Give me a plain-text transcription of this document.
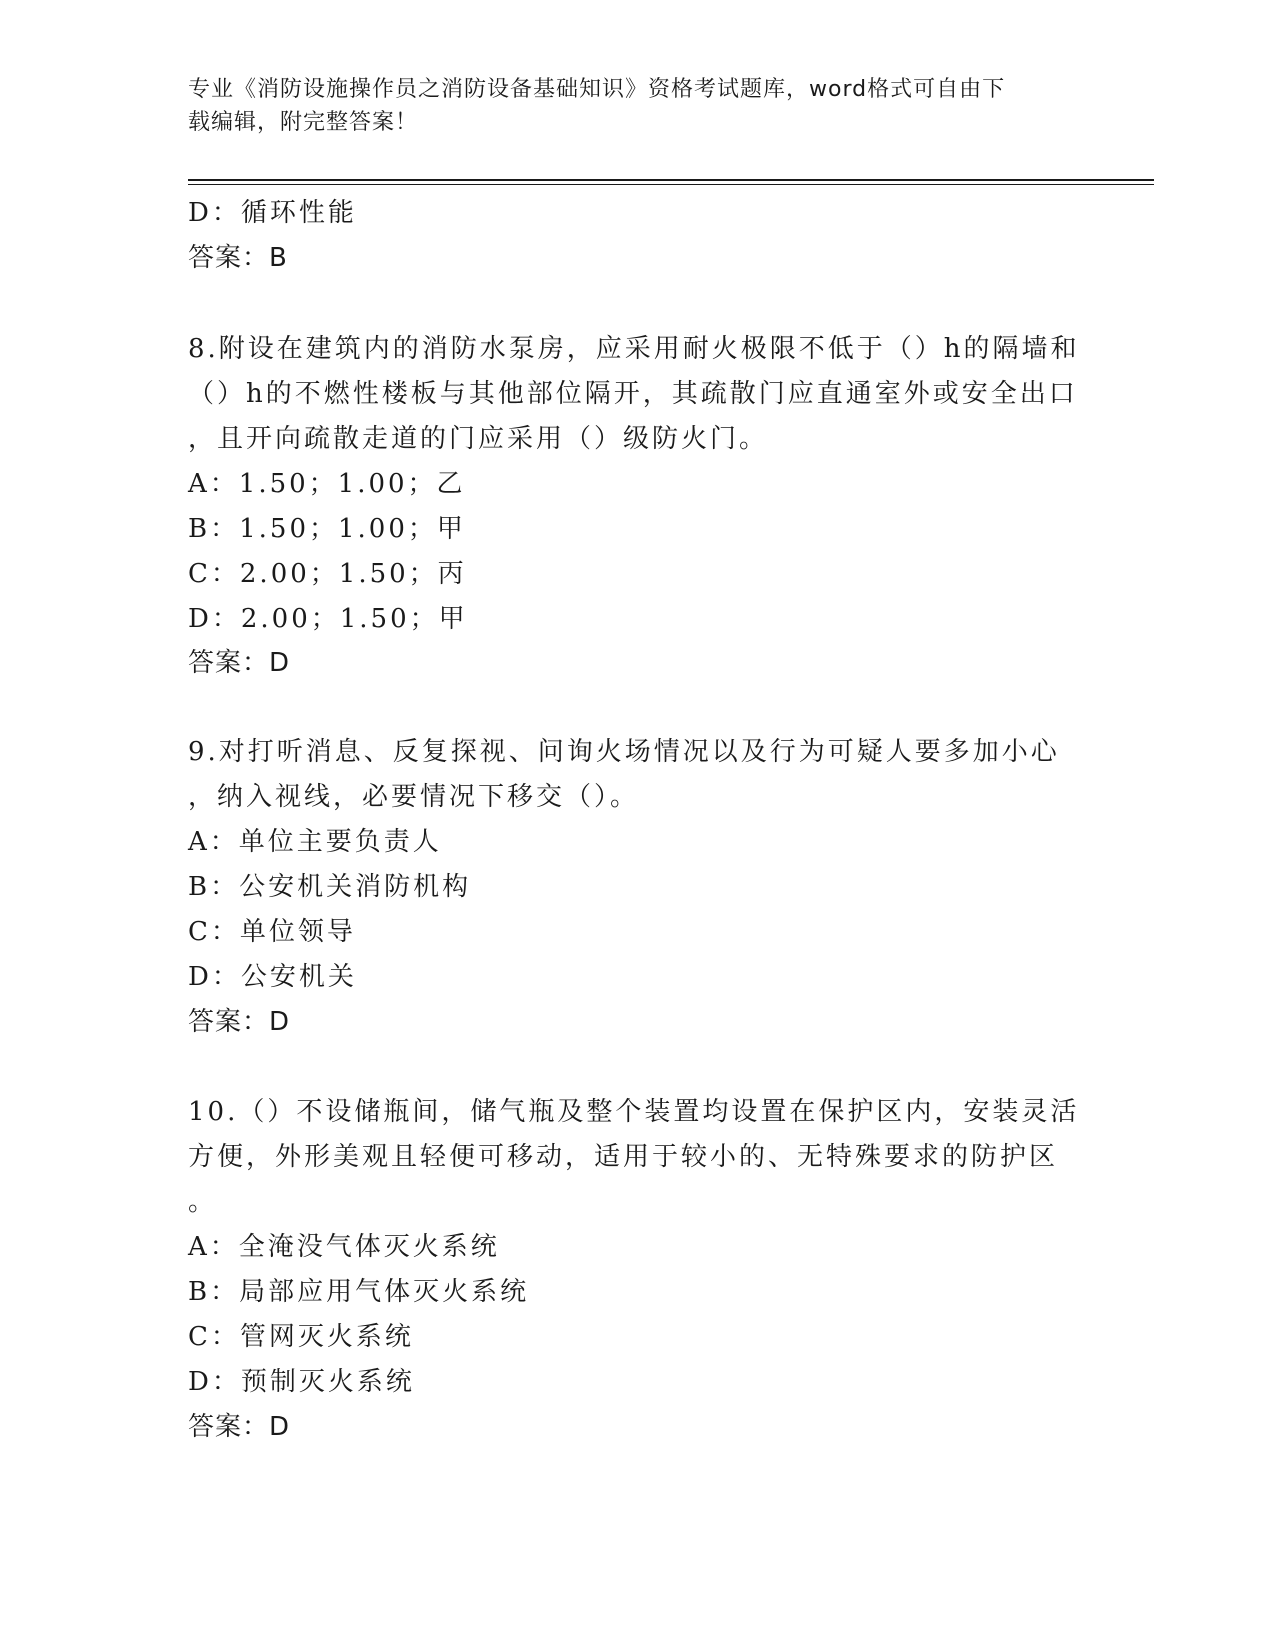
专业《消防设施操作员之消防设备基础知识》资格考试题库，word格式可自由下
载编辑，附完整答案！
D：循环性能
答案：B
8.附设在建筑内的消防水泵房，应采用耐火极限不低于（）h的隔墙和
（）h的不燃性楼板与其他部位隔开，其疏散门应直通室外或安全出口
，且开向疏散走道的门应采用（）级防火门。
A：1.50；1.00；乙
B：1.50；1.00；甲
C：2.00；1.50；丙
D：2.00；1.50；甲
答案：D
9.对打听消息、反复探视、问询火场情况以及行为可疑人要多加小心
，纳入视线，必要情况下移交（）。
A：单位主要负责人
B：公安机关消防机构
C：单位领导
D：公安机关
答案：D
10.（）不设储瓶间，储气瓶及整个装置均设置在保护区内，安装灵活
方便，外形美观且轻便可移动，适用于较小的、无特殊要求的防护区
。
A：全淹没气体灭火系统
B：局部应用气体灭火系统
C：管网灭火系统
D：预制灭火系统
答案：D
